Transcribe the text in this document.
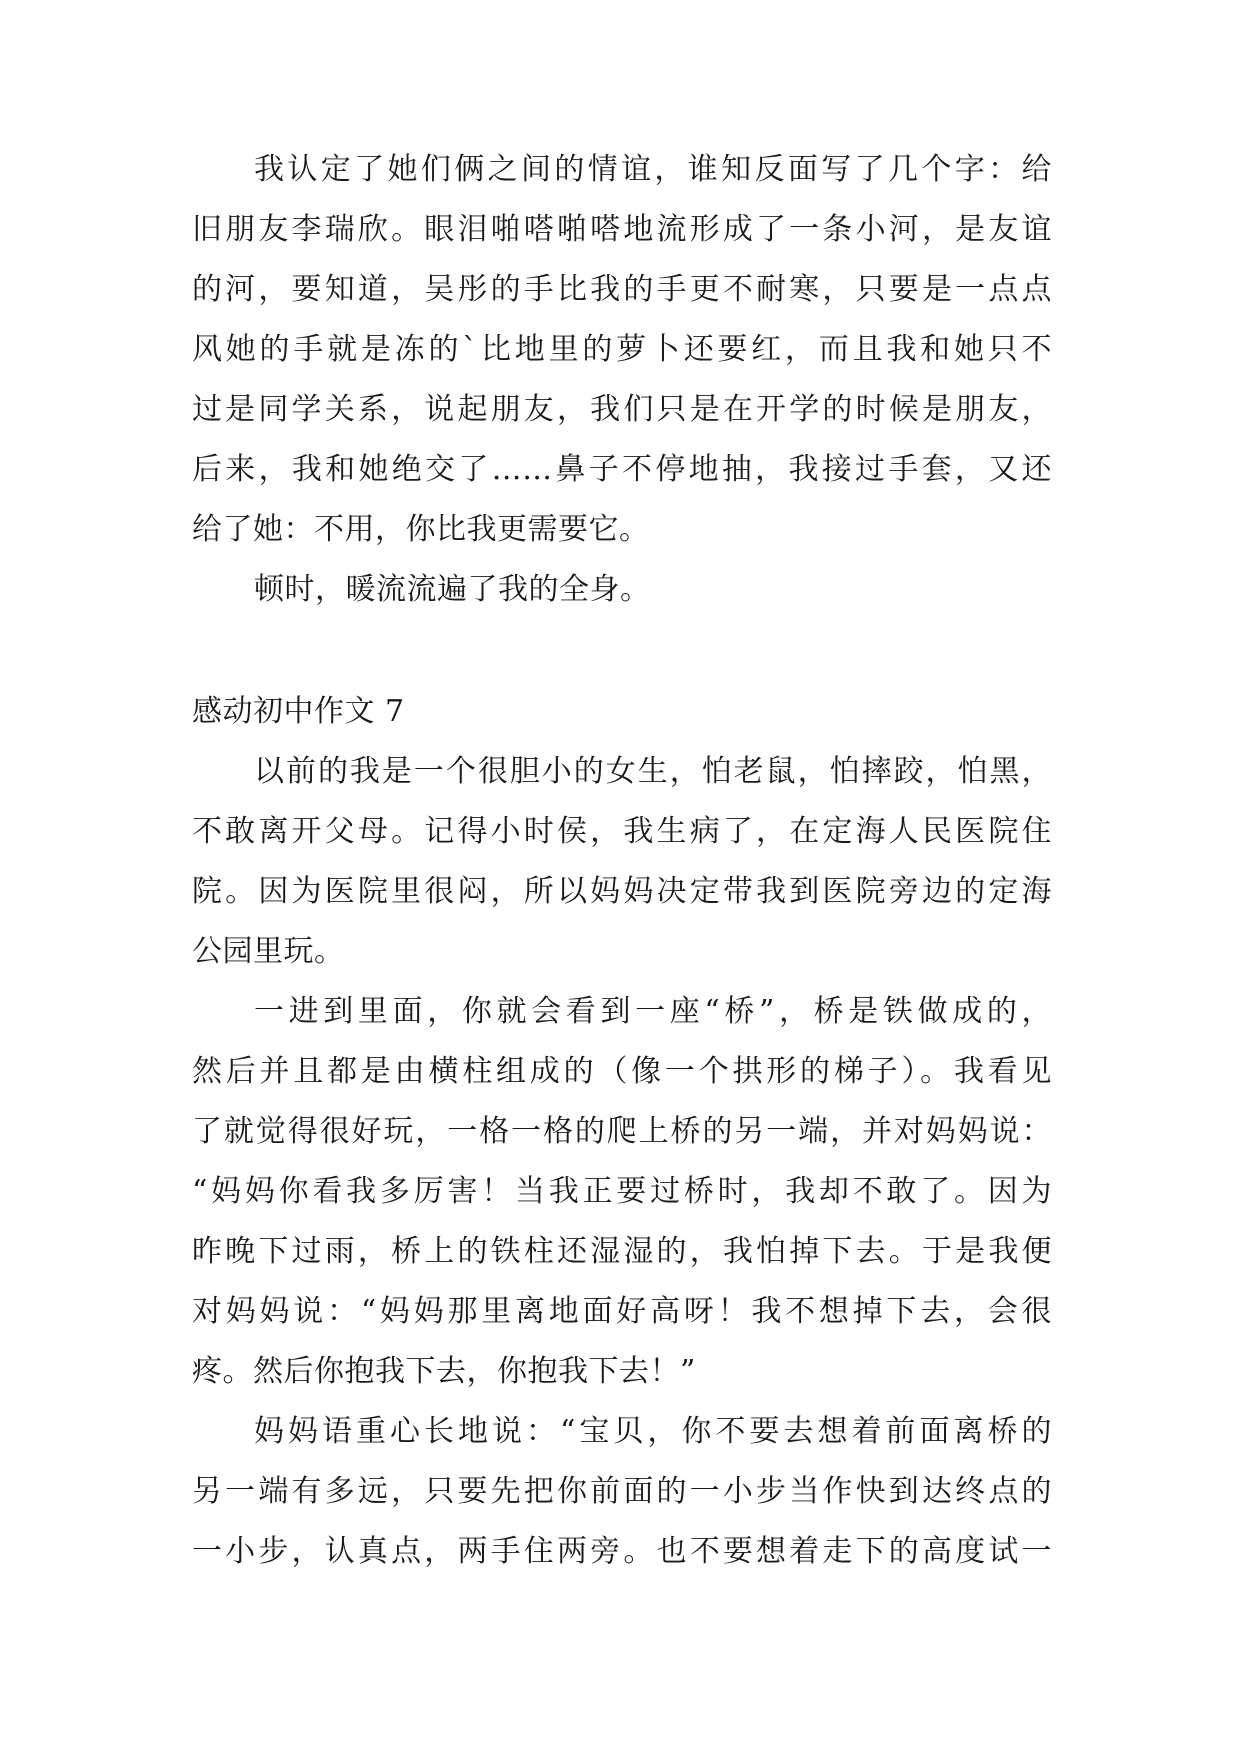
我认定了她们俩之间的情谊，谁知反面写了几个字：给
旧朋友李瑞欣。眼泪啪嗒啪嗒地流形成了一条小河，是友谊
的河，要知道，吴彤的手比我的手更不耐寒，只要是一点点
风她的手就是冻的`比地里的萝卜还要红，而且我和她只不
过是同学关系，说起朋友，我们只是在开学的时候是朋友，
后来，我和她绝交了……鼻子不停地抽，我接过手套，又还
给了她：不用，你比我更需要它。
顿时，暖流流遍了我的全身。
感动初中作文 7
以前的我是一个很胆小的女生，怕老鼠，怕摔跤，怕黑，
不敢离开父母。记得小时侯，我生病了，在定海人民医院住
院。因为医院里很闷，所以妈妈决定带我到医院旁边的定海
公园里玩。
一进到里面，你就会看到一座“桥”，桥是铁做成的，
然后并且都是由横柱组成的（像一个拱形的梯子）。我看见
了就觉得很好玩，一格一格的爬上桥的另一端，并对妈妈说：
“妈妈你看我多厉害！当我正要过桥时，我却不敢了。因为
昨晚下过雨，桥上的铁柱还湿湿的，我怕掉下去。于是我便
对妈妈说：“妈妈那里离地面好高呀！我不想掉下去，会很
疼。然后你抱我下去，你抱我下去！”
妈妈语重心长地说：“宝贝，你不要去想着前面离桥的
另一端有多远，只要先把你前面的一小步当作快到达终点的
一小步，认真点，两手住两旁。也不要想着走下的高度试一
